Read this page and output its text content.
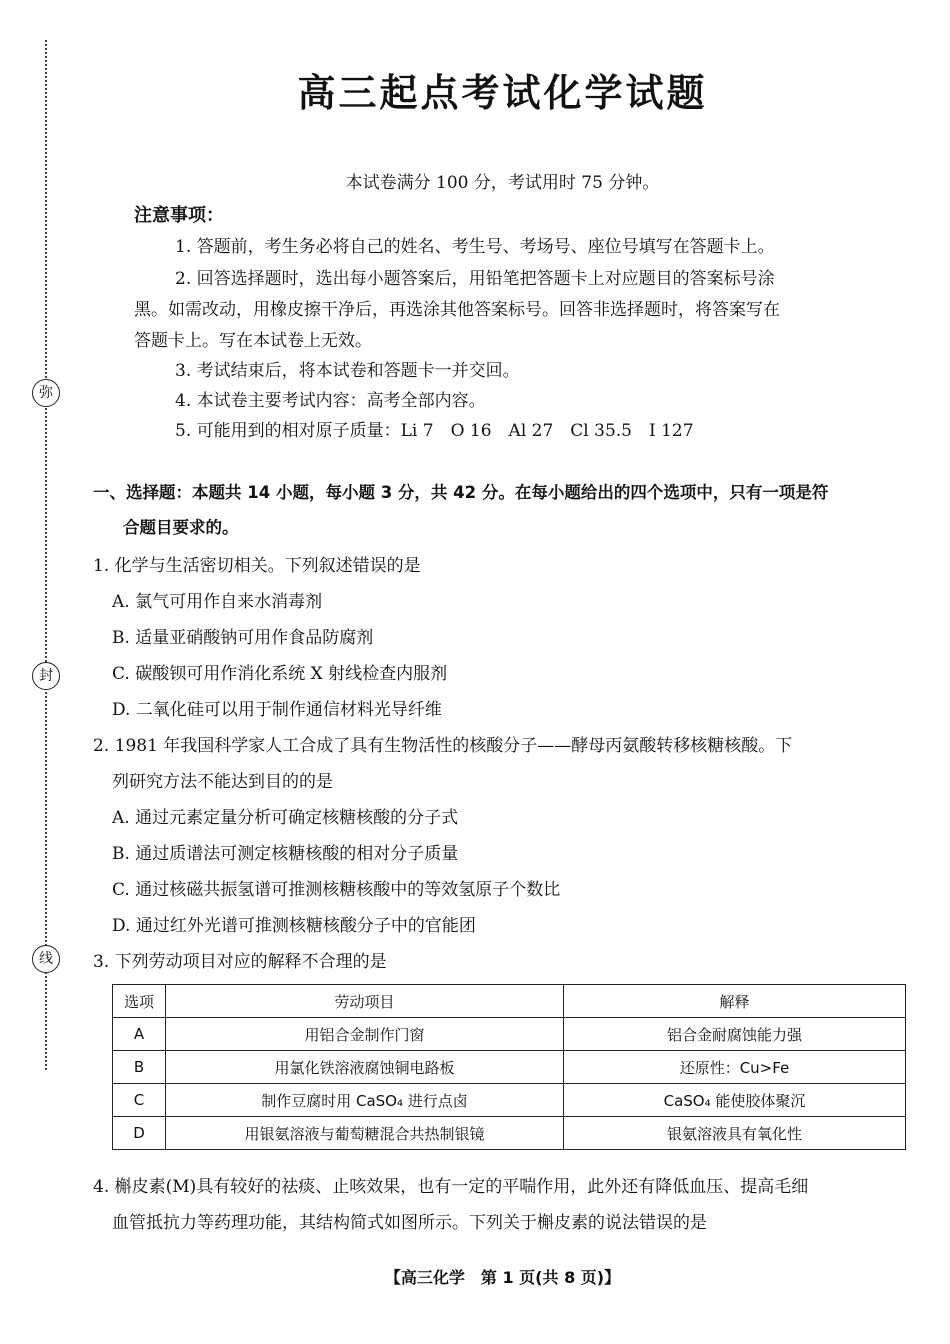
弥
封
线
高三起点考试化学试题
本试卷满分 100 分，考试用时 75 分钟。
注意事项：
1. 答题前，考生务必将自己的姓名、考生号、考场号、座位号填写在答题卡上。
2. 回答选择题时，选出每小题答案后，用铅笔把答题卡上对应题目的答案标号涂
黑。如需改动，用橡皮擦干净后，再选涂其他答案标号。回答非选择题时，将答案写在
答题卡上。写在本试卷上无效。
3. 考试结束后，将本试卷和答题卡一并交回。
4. 本试卷主要考试内容：高考全部内容。
5. 可能用到的相对原子质量：Li 7　O 16　Al 27　Cl 35.5　I 127
一、选择题：本题共 14 小题，每小题 3 分，共 42 分。在每小题给出的四个选项中，只有一项是符
合题目要求的。
1. 化学与生活密切相关。下列叙述错误的是
A. 氯气可用作自来水消毒剂
B. 适量亚硝酸钠可用作食品防腐剂
C. 碳酸钡可用作消化系统 X 射线检查内服剂
D. 二氧化硅可以用于制作通信材料光导纤维
2. 1981 年我国科学家人工合成了具有生物活性的核酸分子——酵母丙氨酸转移核糖核酸。下
列研究方法不能达到目的的是
A. 通过元素定量分析可确定核糖核酸的分子式
B. 通过质谱法可测定核糖核酸的相对分子质量
C. 通过核磁共振氢谱可推测核糖核酸中的等效氢原子个数比
D. 通过红外光谱可推测核糖核酸分子中的官能团
3. 下列劳动项目对应的解释不合理的是
选项	劳动项目	解释
A	用铝合金制作门窗	铝合金耐腐蚀能力强
B	用氯化铁溶液腐蚀铜电路板	还原性：Cu>Fe
C	制作豆腐时用 CaSO₄ 进行点卤	CaSO₄ 能使胶体聚沉
D	用银氨溶液与葡萄糖混合共热制银镜	银氨溶液具有氧化性
4. 槲皮素(M)具有较好的祛痰、止咳效果，也有一定的平喘作用，此外还有降低血压、提高毛细
血管抵抗力等药理功能，其结构简式如图所示。下列关于槲皮素的说法错误的是
【高三化学　第 1 页(共 8 页)】
